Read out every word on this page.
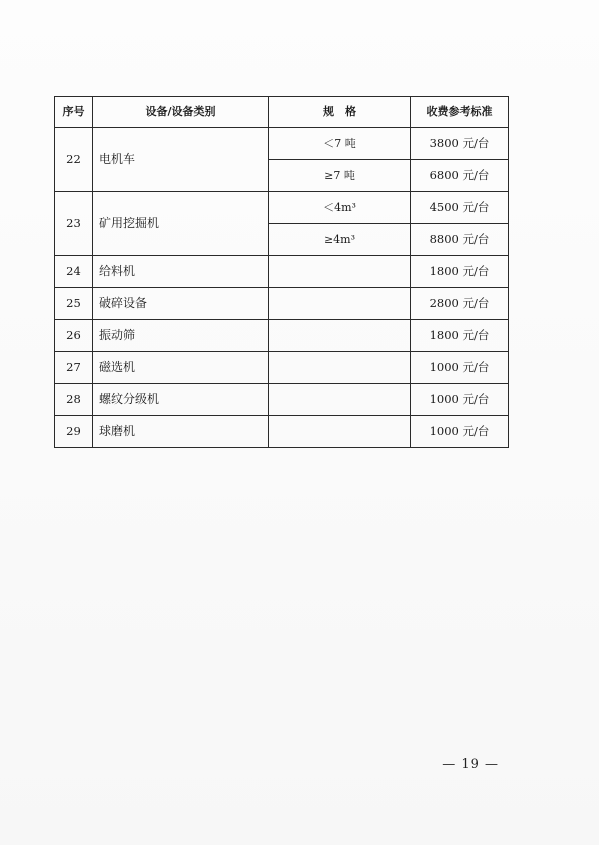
序号	设备/设备类别	规　格	收费参考标准
22	电机车	＜7 吨	3800 元/台
		≥7 吨	6800 元/台
23	矿用挖掘机	＜4m³	4500 元/台
		≥4m³	8800 元/台
24	给料机		1800 元/台
25	破碎设备		2800 元/台
26	振动筛		1800 元/台
27	磁选机		1000 元/台
28	螺纹分级机		1000 元/台
29	球磨机		1000 元/台
— 19 —
